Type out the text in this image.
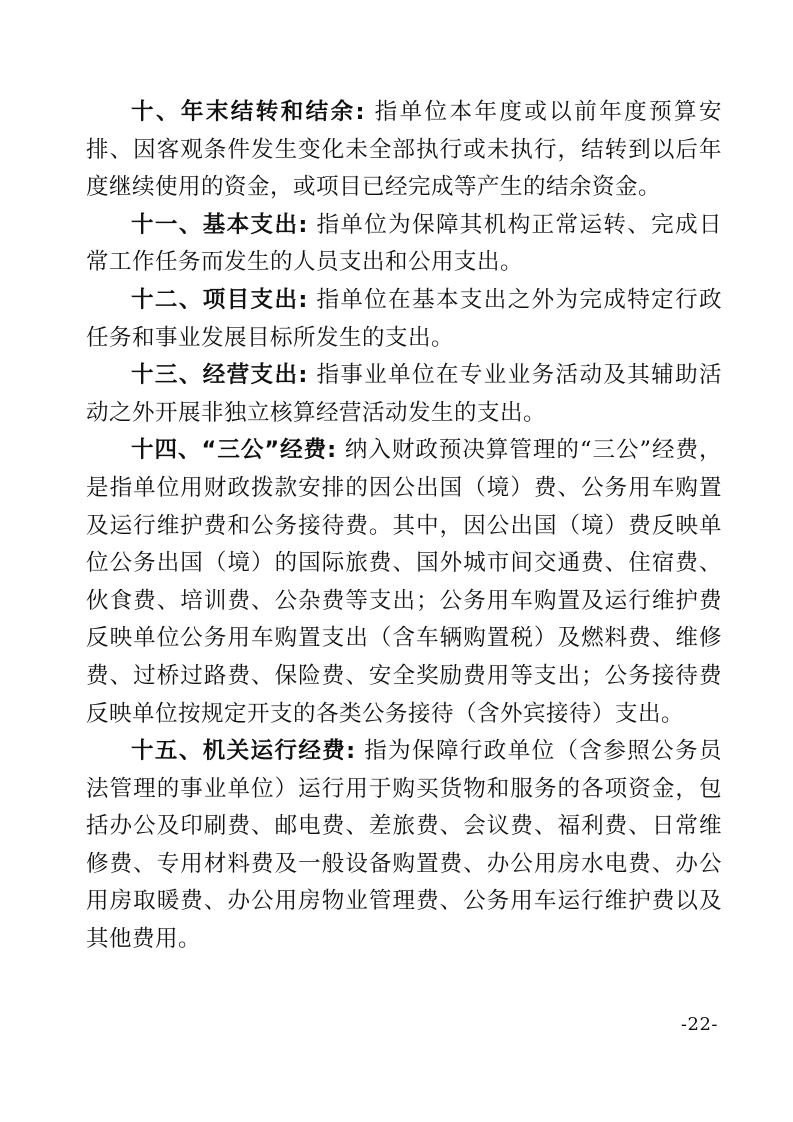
十、年末结转和结余: 指单位本年度或以前年度预算安排、因客观条件发生变化未全部执行或未执行，结转到以后年度继续使用的资金，或项目已经完成等产生的结余资金。

十一、基本支出: 指单位为保障其机构正常运转、完成日常工作任务而发生的人员支出和公用支出。

十二、项目支出: 指单位在基本支出之外为完成特定行政任务和事业发展目标所发生的支出。

十三、经营支出: 指事业单位在专业业务活动及其辅助活动之外开展非独立核算经营活动发生的支出。

十四、“三公”经费: 纳入财政预决算管理的“三公”经费，是指单位用财政拨款安排的因公出国（境）费、公务用车购置及运行维护费和公务接待费。其中，因公出国（境）费反映单位公务出国（境）的国际旅费、国外城市间交通费、住宿费、伙食费、培训费、公杂费等支出；公务用车购置及运行维护费反映单位公务用车购置支出（含车辆购置税）及燃料费、维修费、过桥过路费、保险费、安全奖励费用等支出；公务接待费反映单位按规定开支的各类公务接待（含外宾接待）支出。

十五、机关运行经费: 指为保障行政单位（含参照公务员法管理的事业单位）运行用于购买货物和服务的各项资金，包括办公及印刷费、邮电费、差旅费、会议费、福利费、日常维修费、专用材料费及一般设备购置费、办公用房水电费、办公用房取暖费、办公用房物业管理费、公务用车运行维护费以及其他费用。

-22-
